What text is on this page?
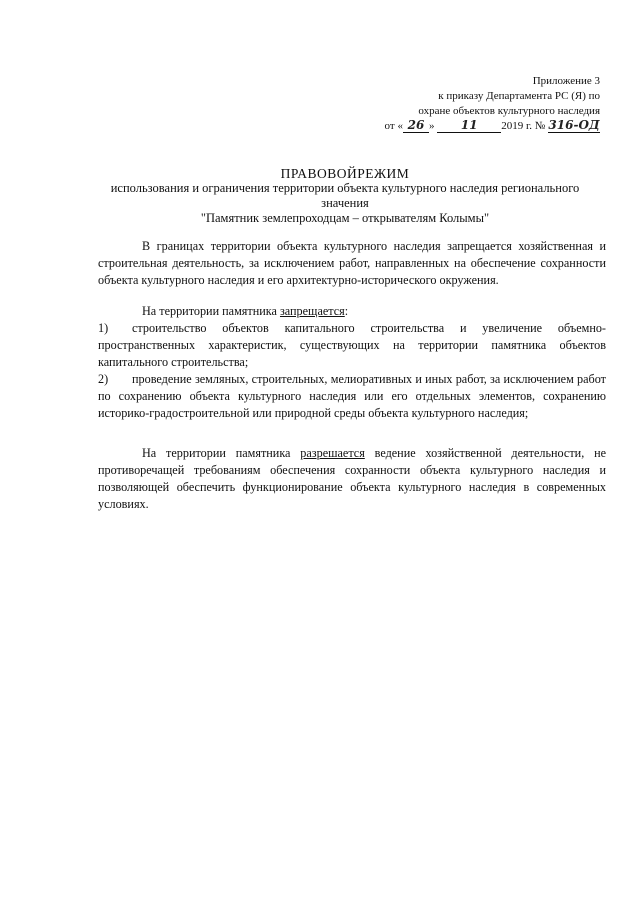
Приложение 3
к приказу Департамента РС (Я) по
охране объектов культурного наследия
от « 26 » 11 2019 г. № 316-ОД
ПРАВОВОЙРЕЖИМ
использования и ограничения территории объекта культурного наследия регионального значения
"Памятник землепроходцам – открывателям Колымы"
В границах территории объекта культурного наследия запрещается хозяйственная и строительная деятельность, за исключением работ, направленных на обеспечение сохранности объекта культурного наследия и его архитектурно-исторического окружения.
На территории памятника запрещается:
1)	строительство объектов капитального строительства и увеличение объемно-пространственных характеристик, существующих на территории памятника объектов капитального строительства;
2)	проведение земляных, строительных, мелиоративных и иных работ, за исключением работ по сохранению объекта культурного наследия или его отдельных элементов, сохранению историко-градостроительной или природной среды объекта культурного наследия;
На территории памятника разрешается ведение хозяйственной деятельности, не противоречащей требованиям обеспечения сохранности объекта культурного наследия и позволяющей обеспечить функционирование объекта культурного наследия в современных условиях.
